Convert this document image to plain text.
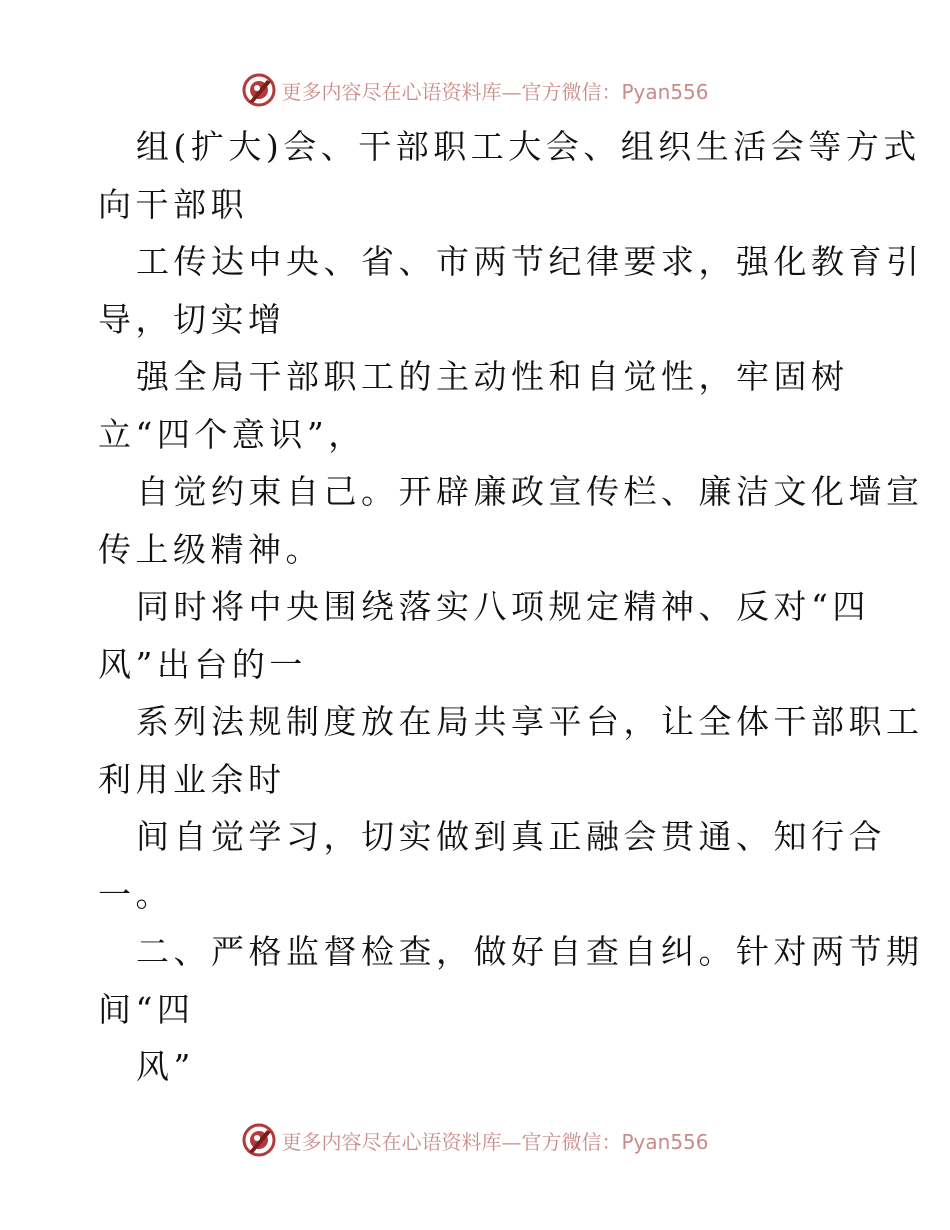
更多内容尽在心语资料库—官方微信：Pyan556
组(扩大)会、干部职工大会、组织生活会等方式
向干部职
工传达中央、省、市两节纪律要求，强化教育引
导，切实增
强全局干部职工的主动性和自觉性，牢固树
立“四个意识”，
自觉约束自己。开辟廉政宣传栏、廉洁文化墙宣
传上级精神。
同时将中央围绕落实八项规定精神、反对“四
风”出台的一
系列法规制度放在局共享平台，让全体干部职工
利用业余时
间自觉学习，切实做到真正融会贯通、知行合
一。
二、严格监督检查，做好自查自纠。针对两节期
间“四
风”
更多内容尽在心语资料库—官方微信：Pyan556
